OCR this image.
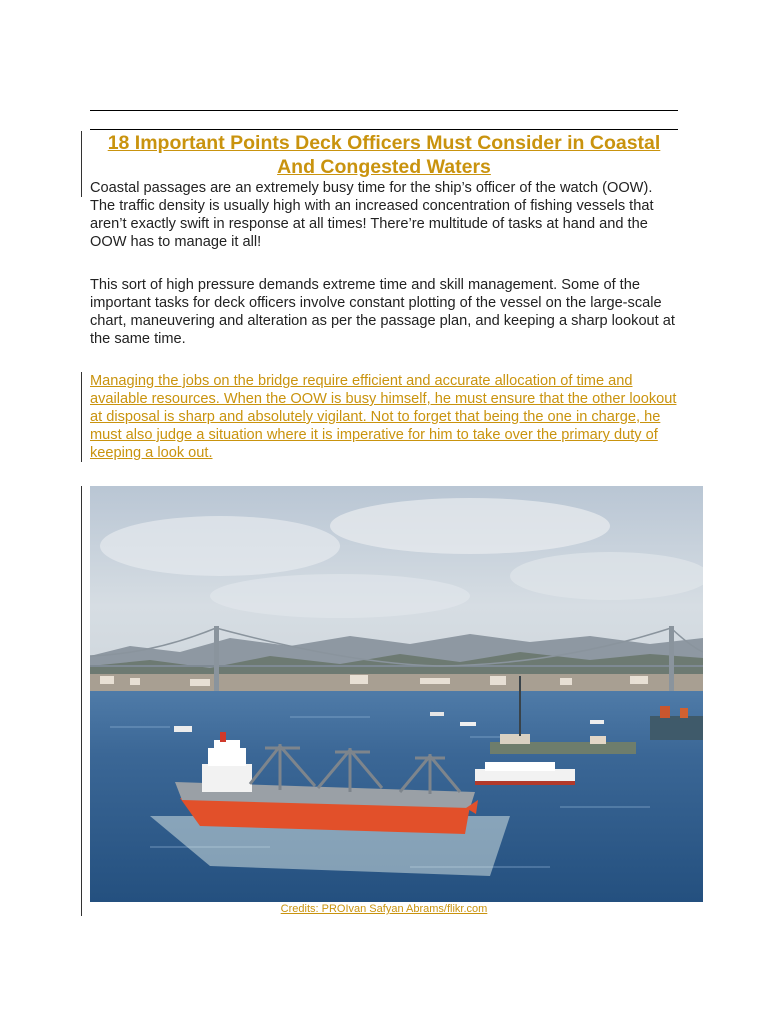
18 Important Points Deck Officers Must Consider in Coastal And Congested Waters

Coastal passages are an extremely busy time for the ship’s officer of the watch (OOW). The traffic density is usually high with an increased concentration of fishing vessels that aren’t exactly swift in response at all times! There’re multitude of tasks at hand and the OOW has to manage it all!

This sort of high pressure demands extreme time and skill management. Some of the important tasks for deck officers involve constant plotting of the vessel on the large-scale chart, maneuvering and alteration as per the passage plan, and keeping a sharp lookout at the same time.

Managing the jobs on the bridge require efficient and accurate allocation of time and available resources. When the OOW is busy himself, he must ensure that the other lookout at disposal is sharp and absolutely vigilant. Not to forget that being the one in charge, he must also judge a situation where it is imperative for him to take over the primary duty of keeping a look out.

Credits: PROIvan Safyan Abrams/flikr.com
